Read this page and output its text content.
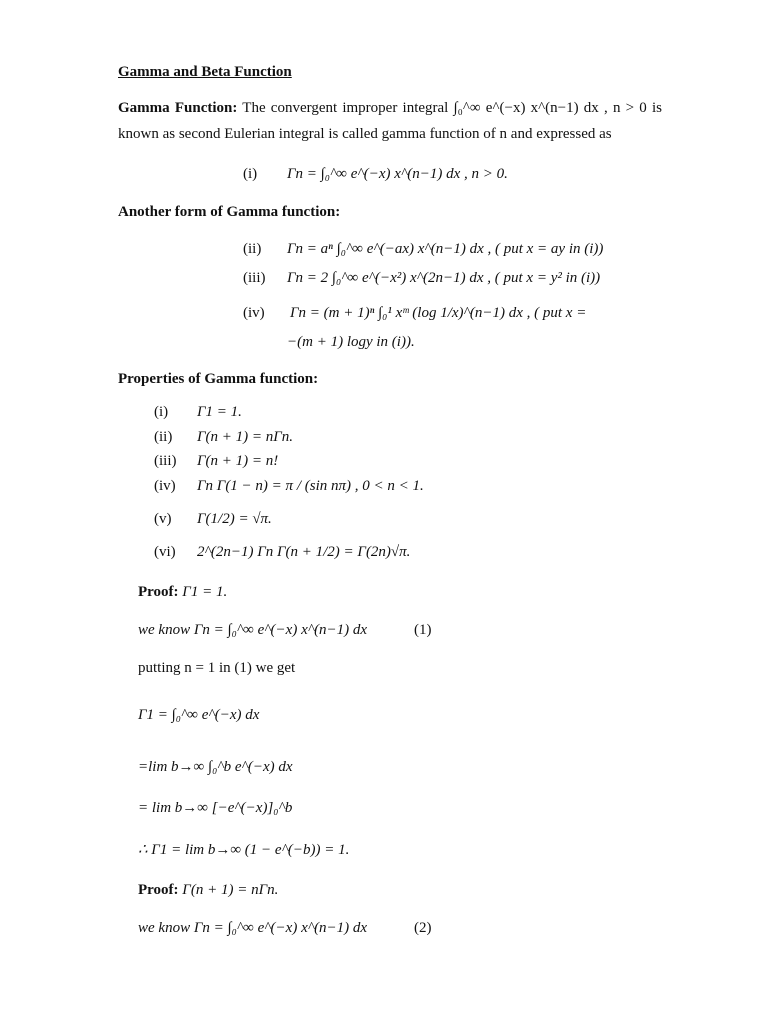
Gamma and Beta Function
Gamma Function: The convergent improper integral ∫₀^∞ e^(−x) x^(n−1) dx , n > 0 is
known as second Eulerian integral is called gamma function of n and expressed as
(i) Γn = ∫₀^∞ e^(−x) x^(n−1) dx , n > 0.
Another form of Gamma function:
(ii) Γn = aⁿ ∫₀^∞ e^(−ax) x^(n−1) dx , ( put x = ay in (i))
(iii) Γn = 2 ∫₀^∞ e^(−x²) x^(2n−1) dx , ( put x = y² in (i))
(iv) Γn = (m + 1)ⁿ ∫₀¹ xᵐ (log 1/x)^(n−1) dx , ( put x =
−(m + 1) logy in (i)).
Properties of Gamma function:
(i) Γ1 = 1.
(ii) Γ(n + 1) = nΓn.
(iii) Γ(n + 1) = n!
(iv) Γn Γ(1 − n) = π / (sin nπ) , 0 < n < 1.
(v) Γ(1/2) = √π.
(vi) 2^(2n−1) Γn Γ(n + 1/2) = Γ(2n)√π.
Proof: Γ1 = 1.
we know Γn = ∫₀^∞ e^(−x) x^(n−1) dx	(1)
putting n = 1 in (1) we get
Γ1 = ∫₀^∞ e^(−x) dx
=lim b→∞ ∫₀^b e^(−x) dx
= lim b→∞ [−e^(−x)]₀^b
∴ Γ1 = lim b→∞ (1 − e^(−b)) = 1.
Proof: Γ(n + 1) = nΓn.
we know Γn = ∫₀^∞ e^(−x) x^(n−1) dx	(2)
